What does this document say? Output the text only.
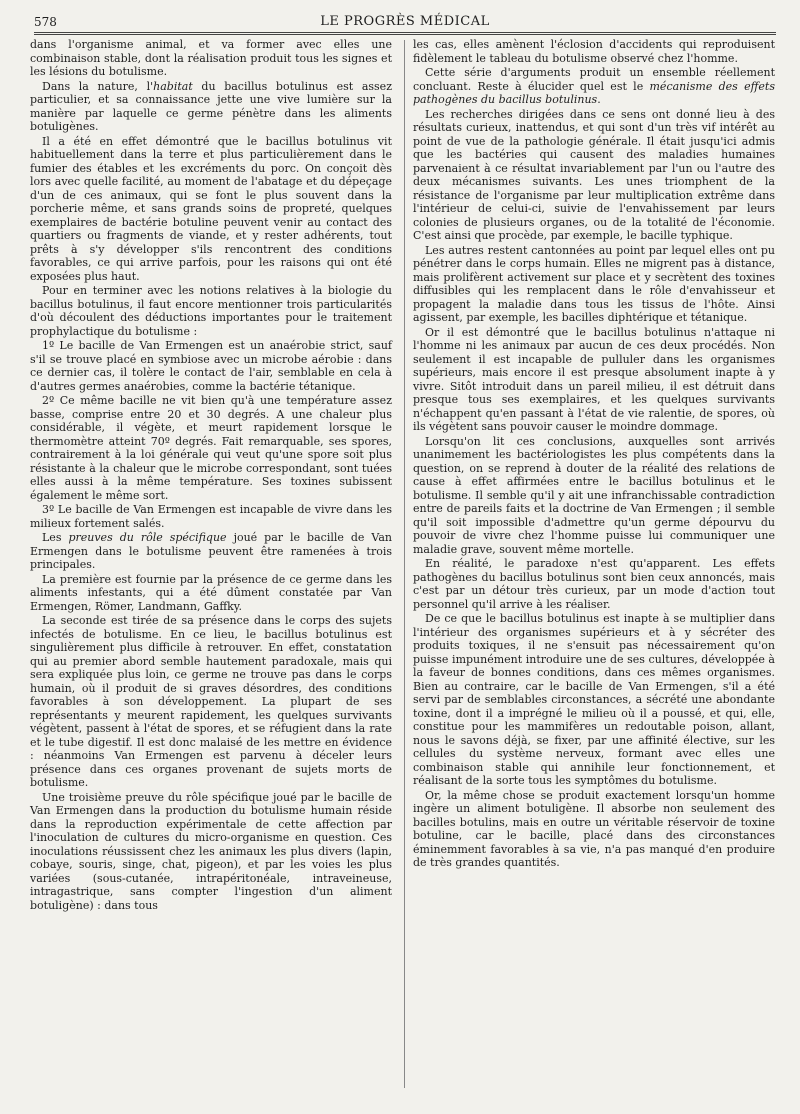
578	LE PROGRÈS MÉDICAL

dans l'organisme animal, et va former avec elles une combinaison stable, dont la réalisation produit tous les signes et les lésions du botulisme.

Dans la nature, l'habitat du bacillus botulinus est assez particulier, et sa connaissance jette une vive lumière sur la manière par laquelle ce germe pénètre dans les aliments botuligènes.

Il a été en effet démontré que le bacillus botulinus vit habituellement dans la terre et plus particulièrement dans le fumier des étables et les excréments du porc. On conçoit dès lors avec quelle facilité, au moment de l'abatage et du dépeçage d'un de ces animaux, qui se font le plus souvent dans la porcherie même, et sans grands soins de propreté, quelques exemplaires de bactérie botuline peuvent venir au contact des quartiers ou fragments de viande, et y rester adhérents, tout prêts à s'y développer s'ils rencontrent des conditions favorables, ce qui arrive parfois, pour les raisons qui ont été exposées plus haut.

Pour en terminer avec les notions relatives à la biologie du bacillus botulinus, il faut encore mentionner trois particularités d'où découlent des déductions importantes pour le traitement prophylactique du botulisme :

1º Le bacille de Van Ermengen est un anaérobie strict, sauf s'il se trouve placé en symbiose avec un microbe aérobie : dans ce dernier cas, il tolère le contact de l'air, semblable en cela à d'autres germes anaérobies, comme la bactérie tétanique.

2º Ce même bacille ne vit bien qu'à une température assez basse, comprise entre 20 et 30 degrés. A une chaleur plus considérable, il végète, et meurt rapidement lorsque le thermomètre atteint 70º degrés. Fait remarquable, ses spores, contrairement à la loi générale qui veut qu'une spore soit plus résistante à la chaleur que le microbe correspondant, sont tuées elles aussi à la même température. Ses toxines subissent également le même sort.

3º Le bacille de Van Ermengen est incapable de vivre dans les milieux fortement salés.

Les preuves du rôle spécifique joué par le bacille de Van Ermengen dans le botulisme peuvent être ramenées à trois principales.

La première est fournie par la présence de ce germe dans les aliments infestants, qui a été dûment constatée par Van Ermengen, Römer, Landmann, Gaffky.

La seconde est tirée de sa présence dans le corps des sujets infectés de botulisme. En ce lieu, le bacillus botulinus est singulièrement plus difficile à retrouver. En effet, constatation qui au premier abord semble hautement paradoxale, mais qui sera expliquée plus loin, ce germe ne trouve pas dans le corps humain, où il produit de si graves désordres, des conditions favorables à son développement. La plupart de ses représentants y meurent rapidement, les quelques survivants végètent, passent à l'état de spores, et se réfugient dans la rate et le tube digestif. Il est donc malaisé de les mettre en évidence : néanmoins Van Ermengen est parvenu à déceler leurs présence dans ces organes provenant de sujets morts de botulisme.

Une troisième preuve du rôle spécifique joué par le bacille de Van Ermengen dans la production du botulisme humain réside dans la reproduction expérimentale de cette affection par l'inoculation de cultures du micro-organisme en question. Ces inoculations réussissent chez les animaux les plus divers (lapin, cobaye, souris, singe, chat, pigeon), et par les voies les plus variées (sous-cutanée, intrapéritonéale, intraveineuse, intragastrique, sans compter l'ingestion d'un aliment botuligène) : dans tous

les cas, elles amènent l'éclosion d'accidents qui reproduisent fidèlement le tableau du botulisme observé chez l'homme.

Cette série d'arguments produit un ensemble réellement concluant. Reste à élucider quel est le mécanisme des effets pathogènes du bacillus botulinus.

Les recherches dirigées dans ce sens ont donné lieu à des résultats curieux, inattendus, et qui sont d'un très vif intérêt au point de vue de la pathologie générale. Il était jusqu'ici admis que les bactéries qui causent des maladies humaines parvenaient à ce résultat invariablement par l'un ou l'autre des deux mécanismes suivants. Les unes triomphent de la résistance de l'organisme par leur multiplication extrême dans l'intérieur de celui-ci, suivie de l'envahissement par leurs colonies de plusieurs organes, ou de la totalité de l'économie. C'est ainsi que procède, par exemple, le bacille typhique.

Les autres restent cantonnées au point par lequel elles ont pu pénétrer dans le corps humain. Elles ne migrent pas à distance, mais prolifèrent activement sur place et y secrètent des toxines diffusibles qui les remplacent dans le rôle d'envahisseur et propagent la maladie dans tous les tissus de l'hôte. Ainsi agissent, par exemple, les bacilles diphtérique et tétanique.

Or il est démontré que le bacillus botulinus n'attaque ni l'homme ni les animaux par aucun de ces deux procédés. Non seulement il est incapable de pulluler dans les organismes supérieurs, mais encore il est presque absolument inapte à y vivre. Sitôt introduit dans un pareil milieu, il est détruit dans presque tous ses exemplaires, et les quelques survivants n'échappent qu'en passant à l'état de vie ralentie, de spores, où ils végètent sans pouvoir causer le moindre dommage.

Lorsqu'on lit ces conclusions, auxquelles sont arrivés unanimement les bactériologistes les plus compétents dans la question, on se reprend à douter de la réalité des relations de cause à effet affirmées entre le bacillus botulinus et le botulisme. Il semble qu'il y ait une infranchissable contradiction entre de pareils faits et la doctrine de Van Ermengen ; il semble qu'il soit impossible d'admettre qu'un germe dépourvu du pouvoir de vivre chez l'homme puisse lui communiquer une maladie grave, souvent même mortelle.

En réalité, le paradoxe n'est qu'apparent. Les effets pathogènes du bacillus botulinus sont bien ceux annoncés, mais c'est par un détour très curieux, par un mode d'action tout personnel qu'il arrive à les réaliser.

De ce que le bacillus botulinus est inapte à se multiplier dans l'intérieur des organismes supérieurs et à y sécréter des produits toxiques, il ne s'ensuit pas nécessairement qu'on puisse impunément introduire une de ses cultures, développée à la faveur de bonnes conditions, dans ces mêmes organismes. Bien au contraire, car le bacille de Van Ermengen, s'il a été servi par de semblables circonstances, a sécrété une abondante toxine, dont il a imprégné le milieu où il a poussé, et qui, elle, constitue pour les mammifères un redoutable poison, allant, nous le savons déjà, se fixer, par une affinité élective, sur les cellules du système nerveux, formant avec elles une combinaison stable qui annihile leur fonctionnement, et réalisant de la sorte tous les symptômes du botulisme.

Or, la même chose se produit exactement lorsqu'un homme ingère un aliment botuligène. Il absorbe non seulement des bacilles botulins, mais en outre un véritable réservoir de toxine botuline, car le bacille, placé dans des circonstances éminemment favorables à sa vie, n'a pas manqué d'en produire de très grandes quantités.
